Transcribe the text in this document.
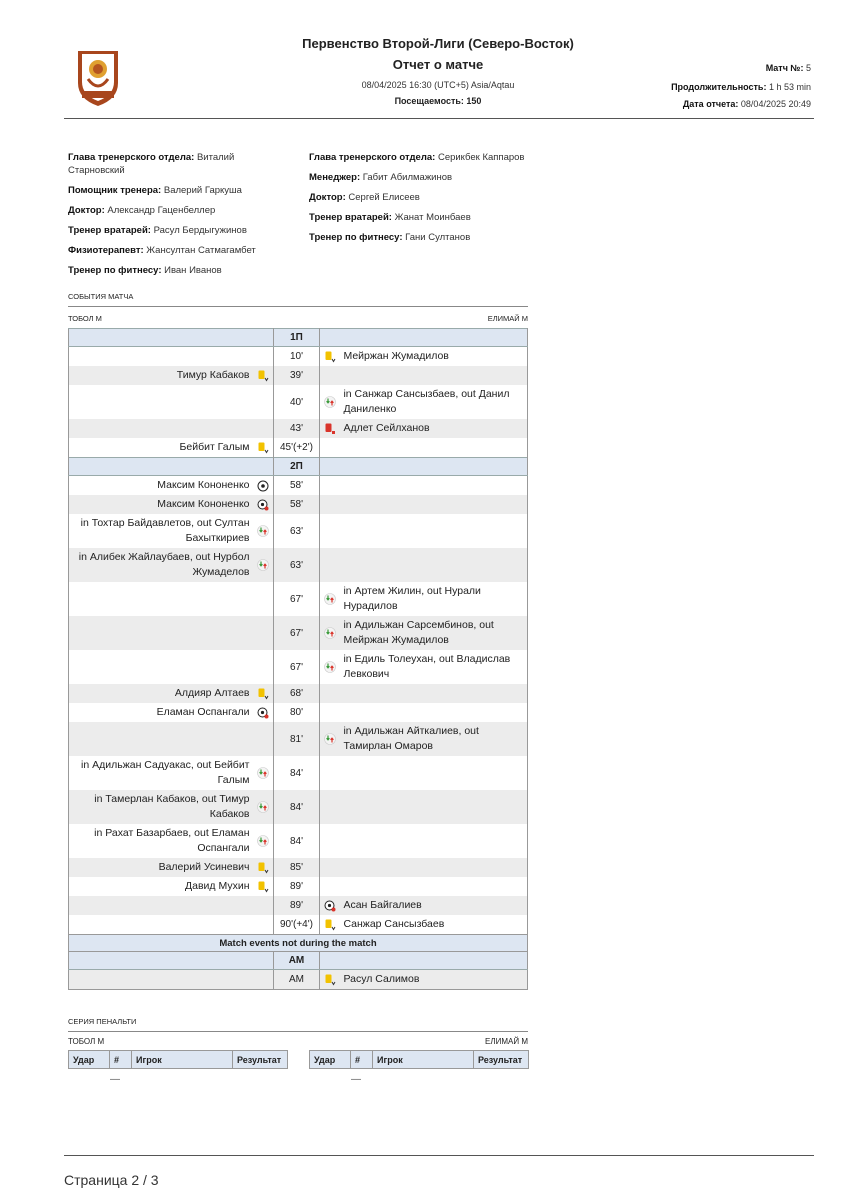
Первенство Второй-Лиги (Северо-Восток)
Отчет о матче
08/04/2025 16:30 (UTC+5) Asia/Aqtau
Посещаемость: 150
Матч №: 5
Продолжительность: 1 h 53 min
Дата отчета: 08/04/2025 20:49
Глава тренерского отдела: Виталий Старновский
Помощник тренера: Валерий Гаркуша
Доктор: Александр Гаценбеллер
Тренер вратарей: Расул Бердыгужинов
Физиотерапевт: Жансултан Сатмагамбет
Тренер по фитнесу: Иван Иванов
Глава тренерского отдела: Серикбек Каппаров
Менеджер: Габит Абилмажинов
Доктор: Сергей Елисеев
Тренер вратарей: Жанат Моинбаев
Тренер по фитнесу: Гани Султанов
СОБЫТИЯ МАТЧА
ТОБОЛ М	ЕЛИМАЙ М
	1П	
	10'	Мейржан Жумадилов

Тимур Кабаков	39'	
	40'	in Санжар Сансызбаев, out Данил Даниленко

	43'	Адлет Сейлханов

Бейбит Галым	45'(+2')	
	2П	

Максим Кононенко	58'	

Максим Кононенко	58'	

in Тохтар Байдавлетов, out Султан Бахыткириев	63'	

in Алибек Жайлаубаев, out Нурбол Жумаделов	63'	
	67'	in Артем Жилин, out Нурали Нурадилов

	67'	in Адильжан Сарсембинов, out Мейржан Жумадилов

	67'	in Едиль Толеухан, out Владислав Левкович

Алдияр Алтаев	68'	

Еламан Оспангали	80'	
	81'	in Адильжан Айткалиев, out Тамирлан Омаров

in Адильжан Садуакас, out Бейбит Галым	84'	

in Тамерлан Кабаков, out Тимур Кабаков	84'	

in Рахат Базарбаев, out Еламан Оспангали	84'	

Валерий Усиневич	85'	

Давид Мухин	89'	
	89'	Асан Байгалиев

	90'(+4')	Санжар Сансызбаев

Match events not during the match		
	AM	
	AM	Расул Салимов
СЕРИЯ ПЕНАЛЬТИ
ТОБОЛ М	ЕЛИМАЙ М
Удар	#	Игрок	Результат	Удар	#	Игрок	Результат
—	—
Страница 2 / 3
